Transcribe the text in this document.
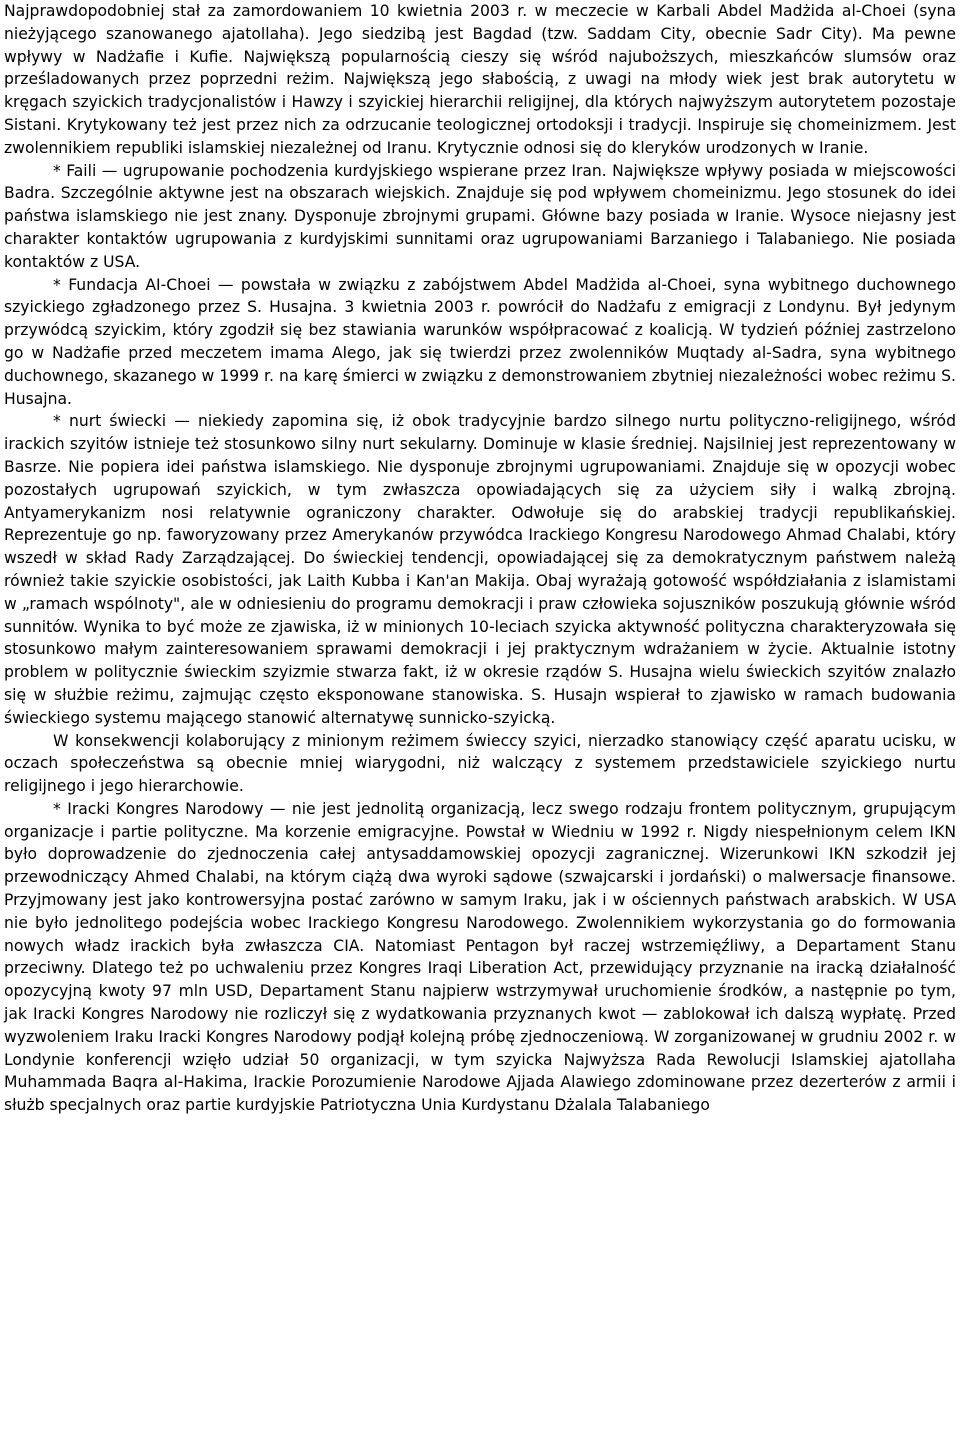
Najprawdopodobniej stał za zamordowaniem 10 kwietnia 2003 r. w meczecie w Karbali Abdel Madżida al-Choei (syna nieżyjącego szanowanego ajatollaha). Jego siedzibą jest Bagdad (tzw. Saddam City, obecnie Sadr City). Ma pewne wpływy w Nadżafie i Kufie. Największą popularnością cieszy się wśród najuboższych, mieszkańców slumsów oraz prześladowanych przez poprzedni reżim. Największą jego słabością, z uwagi na młody wiek jest brak autorytetu w kręgach szyickich tradycjonalistów i Hawzy i szyickiej hierarchii religijnej, dla których najwyższym autorytetem pozostaje Sistani. Krytykowany też jest przez nich za odrzucanie teologicznej ortodoksji i tradycji. Inspiruje się chomeinizmem. Jest zwolennikiem republiki islamskiej niezależnej od Iranu. Krytycznie odnosi się do kleryków urodzonych w Iranie.

* Faili — ugrupowanie pochodzenia kurdyjskiego wspierane przez Iran. Największe wpływy posiada w miejscowości Badra. Szczególnie aktywne jest na obszarach wiejskich. Znajduje się pod wpływem chomeinizmu. Jego stosunek do idei państwa islamskiego nie jest znany. Dysponuje zbrojnymi grupami. Główne bazy posiada w Iranie. Wysoce niejasny jest charakter kontaktów ugrupowania z kurdyjskimi sunnitami oraz ugrupowaniami Barzaniego i Talabaniego. Nie posiada kontaktów z USA.

* Fundacja AI-Choei — powstała w związku z zabójstwem Abdel Madżida al-Choei, syna wybitnego duchownego szyickiego zgładzonego przez S. Husajna. 3 kwietnia 2003 r. powrócił do Nadżafu z emigracji z Londynu. Był jedynym przywódcą szyickim, który zgodził się bez stawiania warunków współpracować z koalicją. W tydzień później zastrzelono go w Nadżafie przed meczetem imama Alego, jak się twierdzi przez zwolenników Muqtady al-Sadra, syna wybitnego duchownego, skazanego w 1999 r. na karę śmierci w związku z demonstrowaniem zbytniej niezależności wobec reżimu S. Husajna.

* nurt świecki — niekiedy zapomina się, iż obok tradycyjnie bardzo silnego nurtu polityczno-religijnego, wśród irackich szyitów istnieje też stosunkowo silny nurt sekularny. Dominuje w klasie średniej. Najsilniej jest reprezentowany w Basrze. Nie popiera idei państwa islamskiego. Nie dysponuje zbrojnymi ugrupowaniami. Znajduje się w opozycji wobec pozostałych ugrupowań szyickich, w tym zwłaszcza opowiadających się za użyciem siły i walką zbrojną. Antyamerykanizm nosi relatywnie ograniczony charakter. Odwołuje się do arabskiej tradycji republikańskiej. Reprezentuje go np. faworyzowany przez Amerykanów przywódca Irackiego Kongresu Narodowego Ahmad Chalabi, który wszedł w skład Rady Zarządzającej. Do świeckiej tendencji, opowiadającej się za demokratycznym państwem należą również takie szyickie osobistości, jak Laith Kubba i Kan'an Makija. Obaj wyrażają gotowość współdziałania z islamistami w „ramach wspólnoty", ale w odniesieniu do programu demokracji i praw człowieka sojuszników poszukują głównie wśród sunnitów. Wynika to być może ze zjawiska, iż w minionych 10-leciach szyicka aktywność polityczna charakteryzowała się stosunkowo małym zainteresowaniem sprawami demokracji i jej praktycznym wdrażaniem w życie. Aktualnie istotny problem w politycznie świeckim szyizmie stwarza fakt, iż w okresie rządów S. Husajna wielu świeckich szyitów znalazło się w służbie reżimu, zajmując często eksponowane stanowiska. S. Husajn wspierał to zjawisko w ramach budowania świeckiego systemu mającego stanowić alternatywę sunnicko-szyicką.

W konsekwencji kolaborujący z minionym reżimem świeccy szyici, nierzadko stanowiący część aparatu ucisku, w oczach społeczeństwa są obecnie mniej wiarygodni, niż walczący z systemem przedstawiciele szyickiego nurtu religijnego i jego hierarchowie.

* Iracki Kongres Narodowy — nie jest jednolitą organizacją, lecz swego rodzaju frontem politycznym, grupującym organizacje i partie polityczne. Ma korzenie emigracyjne. Powstał w Wiedniu w 1992 r. Nigdy niespełnionym celem IKN było doprowadzenie do zjednoczenia całej antysaddamowskiej opozycji zagranicznej. Wizerunkowi IKN szkodził jej przewodniczący Ahmed Chalabi, na którym ciążą dwa wyroki sądowe (szwajcarski i jordański) o malwersacje finansowe. Przyjmowany jest jako kontrowersyjna postać zarówno w samym Iraku, jak i w ościennych państwach arabskich. W USA nie było jednolitego podejścia wobec Irackiego Kongresu Narodowego. Zwolennikiem wykorzystania go do formowania nowych władz irackich była zwłaszcza CIA. Natomiast Pentagon był raczej wstrzemięźliwy, a Departament Stanu przeciwny. Dlatego też po uchwaleniu przez Kongres Iraqi Liberation Act, przewidujący przyznanie na iracką działalność opozycyjną kwoty 97 mln USD, Departament Stanu najpierw wstrzymywał uruchomienie środków, a następnie po tym, jak Iracki Kongres Narodowy nie rozliczył się z wydatkowania przyznanych kwot — zablokował ich dalszą wypłatę. Przed wyzwoleniem Iraku Iracki Kongres Narodowy podjął kolejną próbę zjednoczeniową. W zorganizowanej w grudniu 2002 r. w Londynie konferencji wzięło udział 50 organizacji, w tym szyicka Najwyższa Rada Rewolucji Islamskiej ajatollaha Muhammada Baqra al-Hakima, Irackie Porozumienie Narodowe Ajjada Alawiego zdominowane przez dezerterów z armii i służb specjalnych oraz partie kurdyjskie Patriotyczna Unia Kurdystanu Dżalala Talabaniego
